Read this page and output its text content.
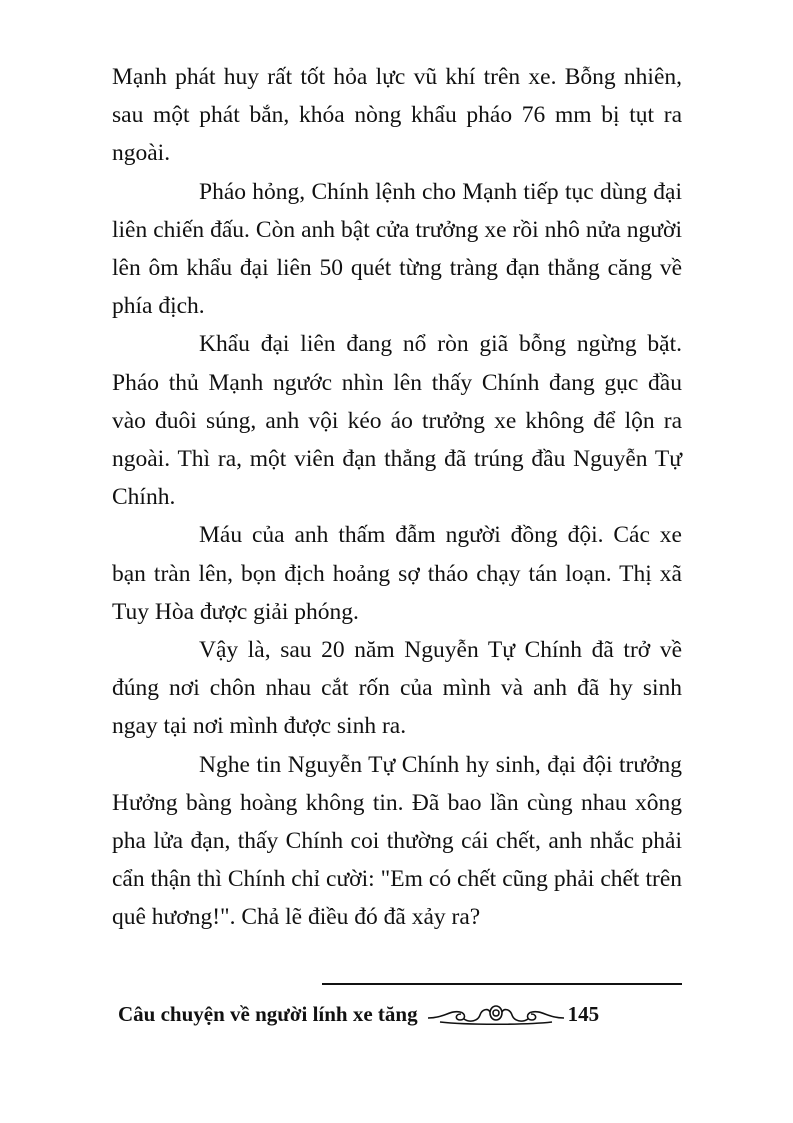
Mạnh phát huy rất tốt hỏa lực vũ khí trên xe. Bỗng nhiên, sau một phát bắn, khóa nòng khẩu pháo 76 mm bị tụt ra ngoài.

Pháo hỏng, Chính lệnh cho Mạnh tiếp tục dùng đại liên chiến đấu. Còn anh bật cửa trưởng xe rồi nhô nửa người lên ôm khẩu đại liên 50 quét từng tràng đạn thẳng căng về phía địch.

Khẩu đại liên đang nổ ròn giã bỗng ngừng bặt. Pháo thủ Mạnh ngước nhìn lên thấy Chính đang gục đầu vào đuôi súng, anh vội kéo áo trưởng xe không để lộn ra ngoài. Thì ra, một viên đạn thẳng đã trúng đầu Nguyễn Tự Chính.

Máu của anh thấm đẫm người đồng đội. Các xe bạn tràn lên, bọn địch hoảng sợ tháo chạy tán loạn. Thị xã Tuy Hòa được giải phóng.

Vậy là, sau 20 năm Nguyễn Tự Chính đã trở về đúng nơi chôn nhau cắt rốn của mình và anh đã hy sinh ngay tại nơi mình được sinh ra.

Nghe tin Nguyễn Tự Chính hy sinh, đại đội trưởng Hưởng bàng hoàng không tin. Đã bao lần cùng nhau xông pha lửa đạn, thấy Chính coi thường cái chết, anh nhắc phải cẩn thận thì Chính chỉ cười: "Em có chết cũng phải chết trên quê hương!". Chả lẽ điều đó đã xảy ra?

Câu chuyện về người lính xe tăng	145
